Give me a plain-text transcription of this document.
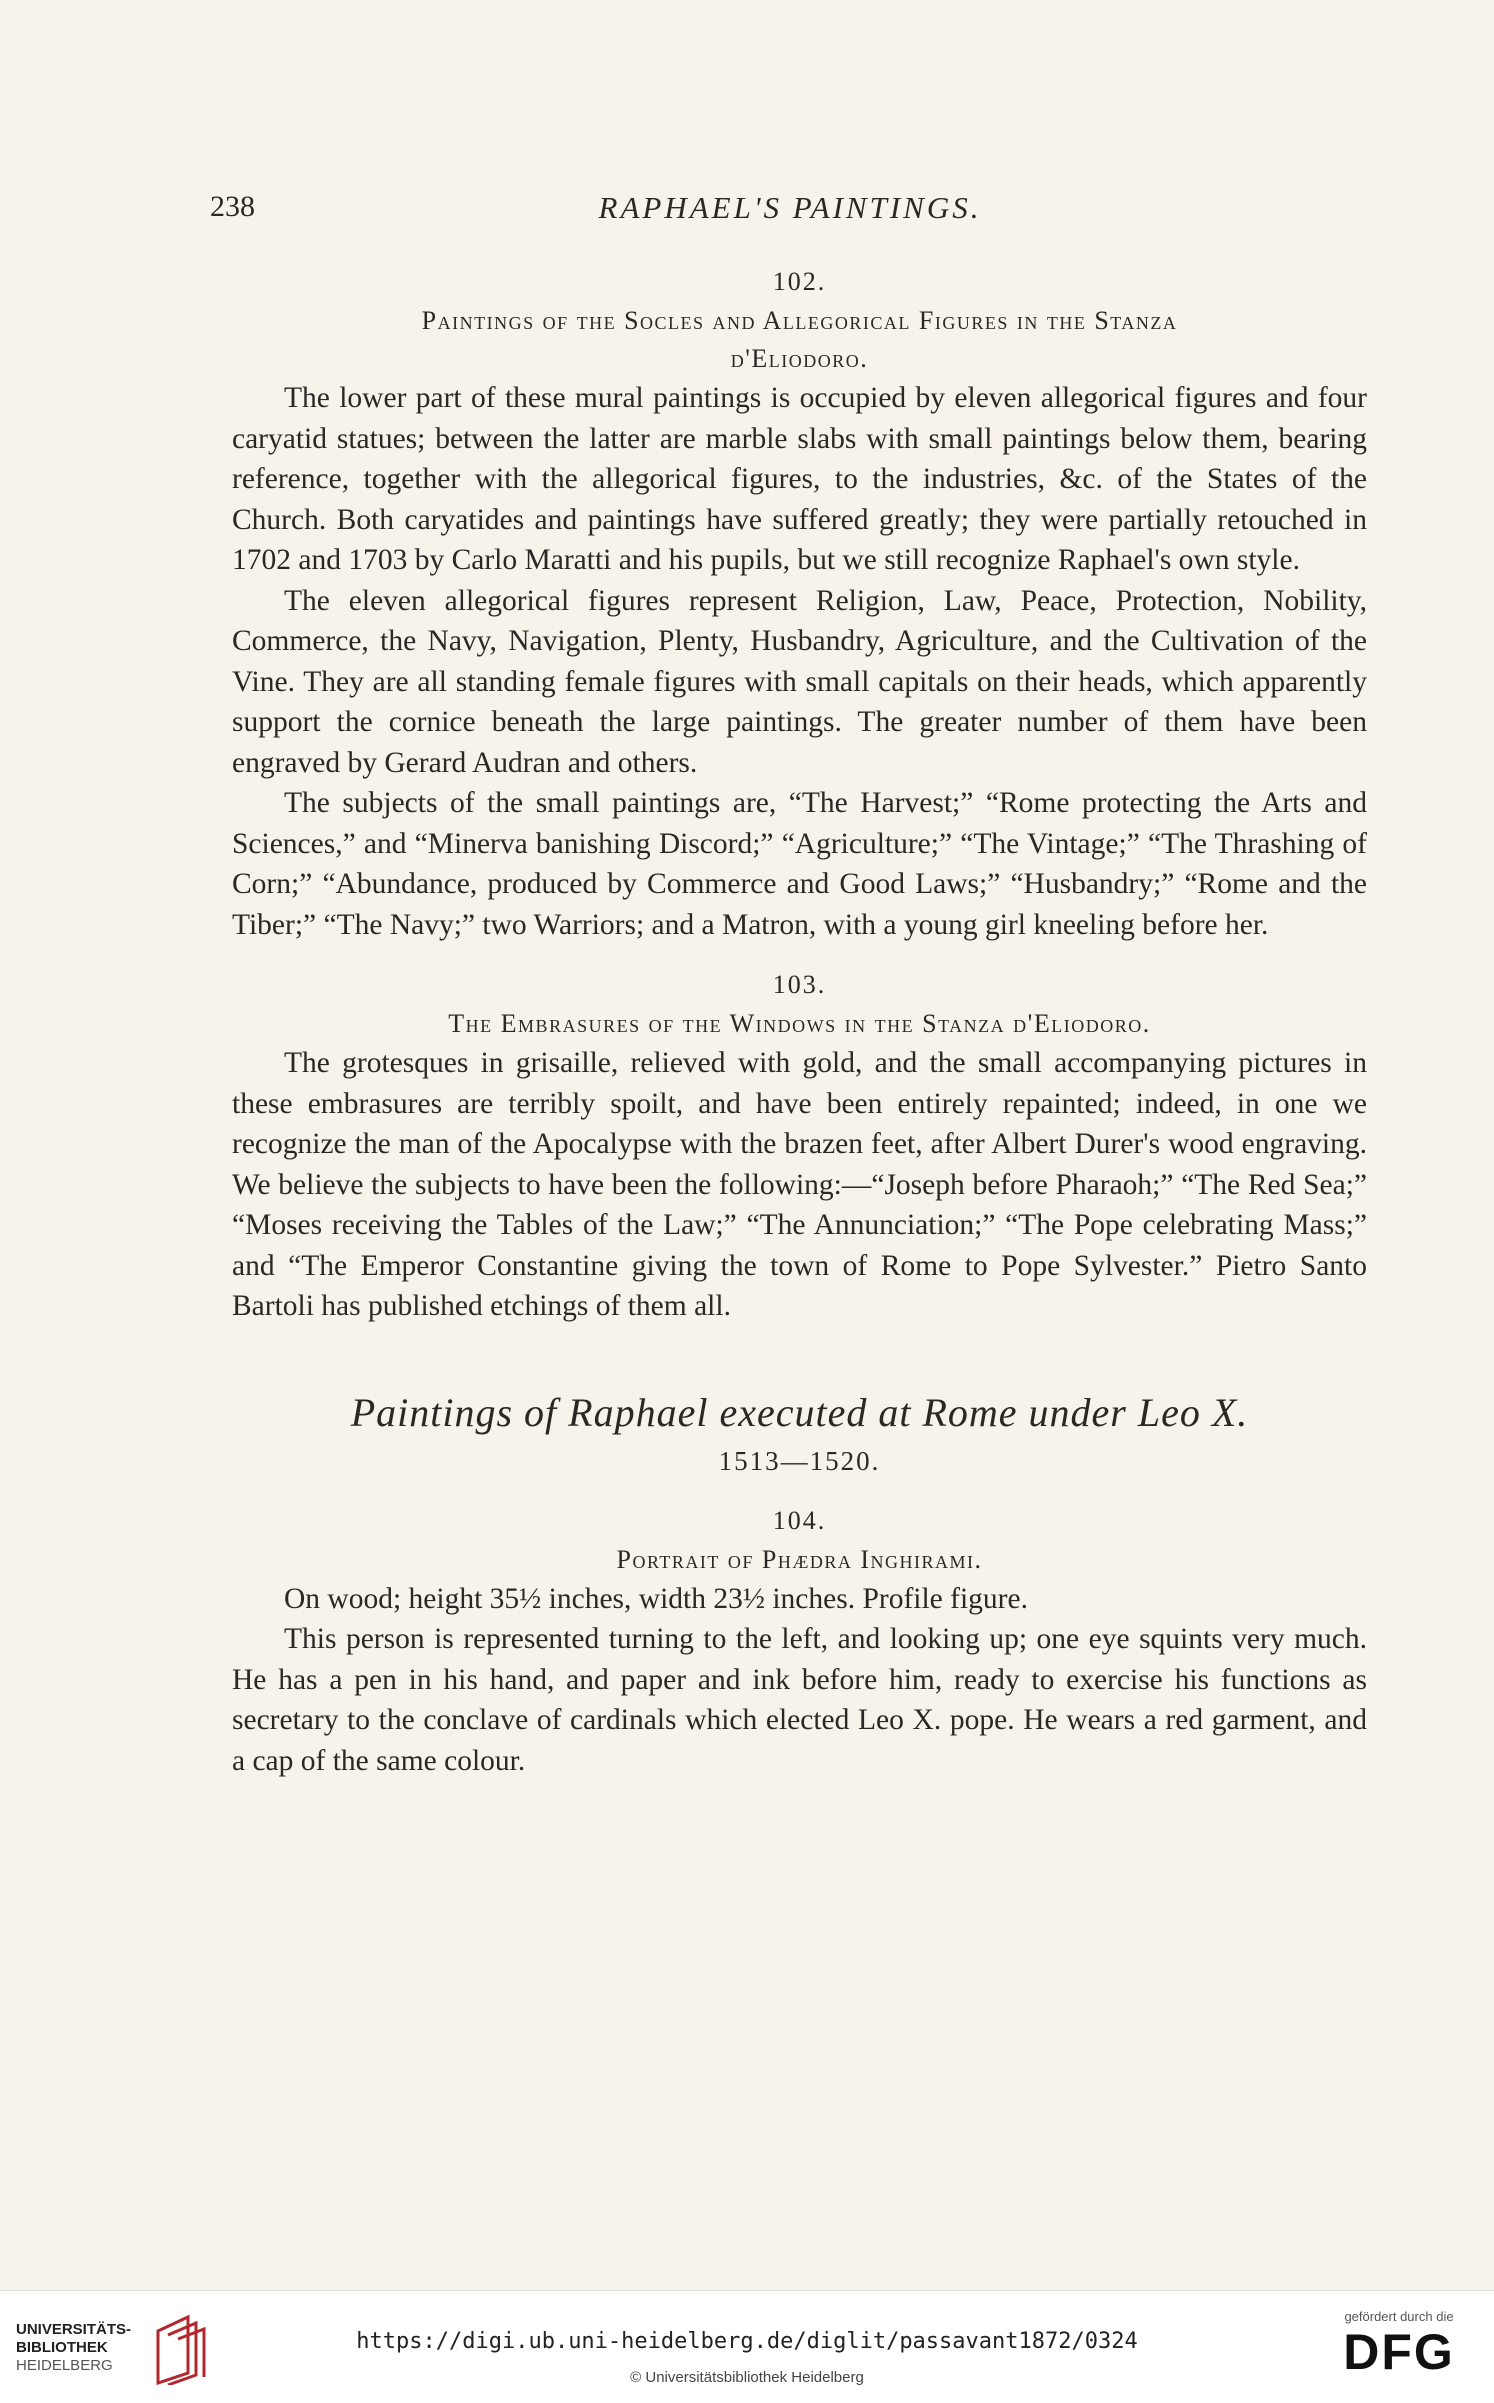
238	RAPHAEL'S PAINTINGS.
102.
Paintings of the Socles and Allegorical Figures in the Stanza
d'Eliodoro.

The lower part of these mural paintings is occupied by eleven allegorical figures and four caryatid statues; between the latter are marble slabs with small paintings below them, bearing reference, together with the allegorical figures, to the industries, &c. of the States of the Church. Both caryatides and paintings have suffered greatly; they were partially retouched in 1702 and 1703 by Carlo Maratti and his pupils, but we still recognize Raphael's own style.

The eleven allegorical figures represent Religion, Law, Peace, Protection, Nobility, Commerce, the Navy, Navigation, Plenty, Husbandry, Agriculture, and the Cultivation of the Vine. They are all standing female figures with small capitals on their heads, which apparently support the cornice beneath the large paintings. The greater number of them have been engraved by Gerard Audran and others.

The subjects of the small paintings are, “The Harvest;” “Rome protecting the Arts and Sciences,” and “Minerva banishing Discord;” “Agriculture;” “The Vintage;” “The Thrashing of Corn;” “Abundance, produced by Commerce and Good Laws;” “Husbandry;” “Rome and the Tiber;” “The Navy;” two Warriors; and a Matron, with a young girl kneeling before her.

103.
The Embrasures of the Windows in the Stanza d'Eliodoro.

The grotesques in grisaille, relieved with gold, and the small accompanying pictures in these embrasures are terribly spoilt, and have been entirely repainted; indeed, in one we recognize the man of the Apocalypse with the brazen feet, after Albert Durer's wood engraving. We believe the subjects to have been the following:—“Joseph before Pharaoh;” “The Red Sea;” “Moses receiving the Tables of the Law;” “The Annunciation;” “The Pope celebrating Mass;” and “The Emperor Constantine giving the town of Rome to Pope Sylvester.” Pietro Santo Bartoli has published etchings of them all.

Paintings of Raphael executed at Rome under Leo X.
1513—1520.
104.
Portrait of Phædra Inghirami.

On wood; height 35½ inches, width 23½ inches. Profile figure.

This person is represented turning to the left, and looking up; one eye squints very much. He has a pen in his hand, and paper and ink before him, ready to exercise his functions as secretary to the conclave of cardinals which elected Leo X. pope. He wears a red garment, and a cap of the same colour.

UNIVERSITÄTS-
BIBLIOTHEK
HEIDELBERG
https://digi.ub.uni-heidelberg.de/diglit/passavant1872/0324
© Universitätsbibliothek Heidelberg
gefördert durch die
DFG
